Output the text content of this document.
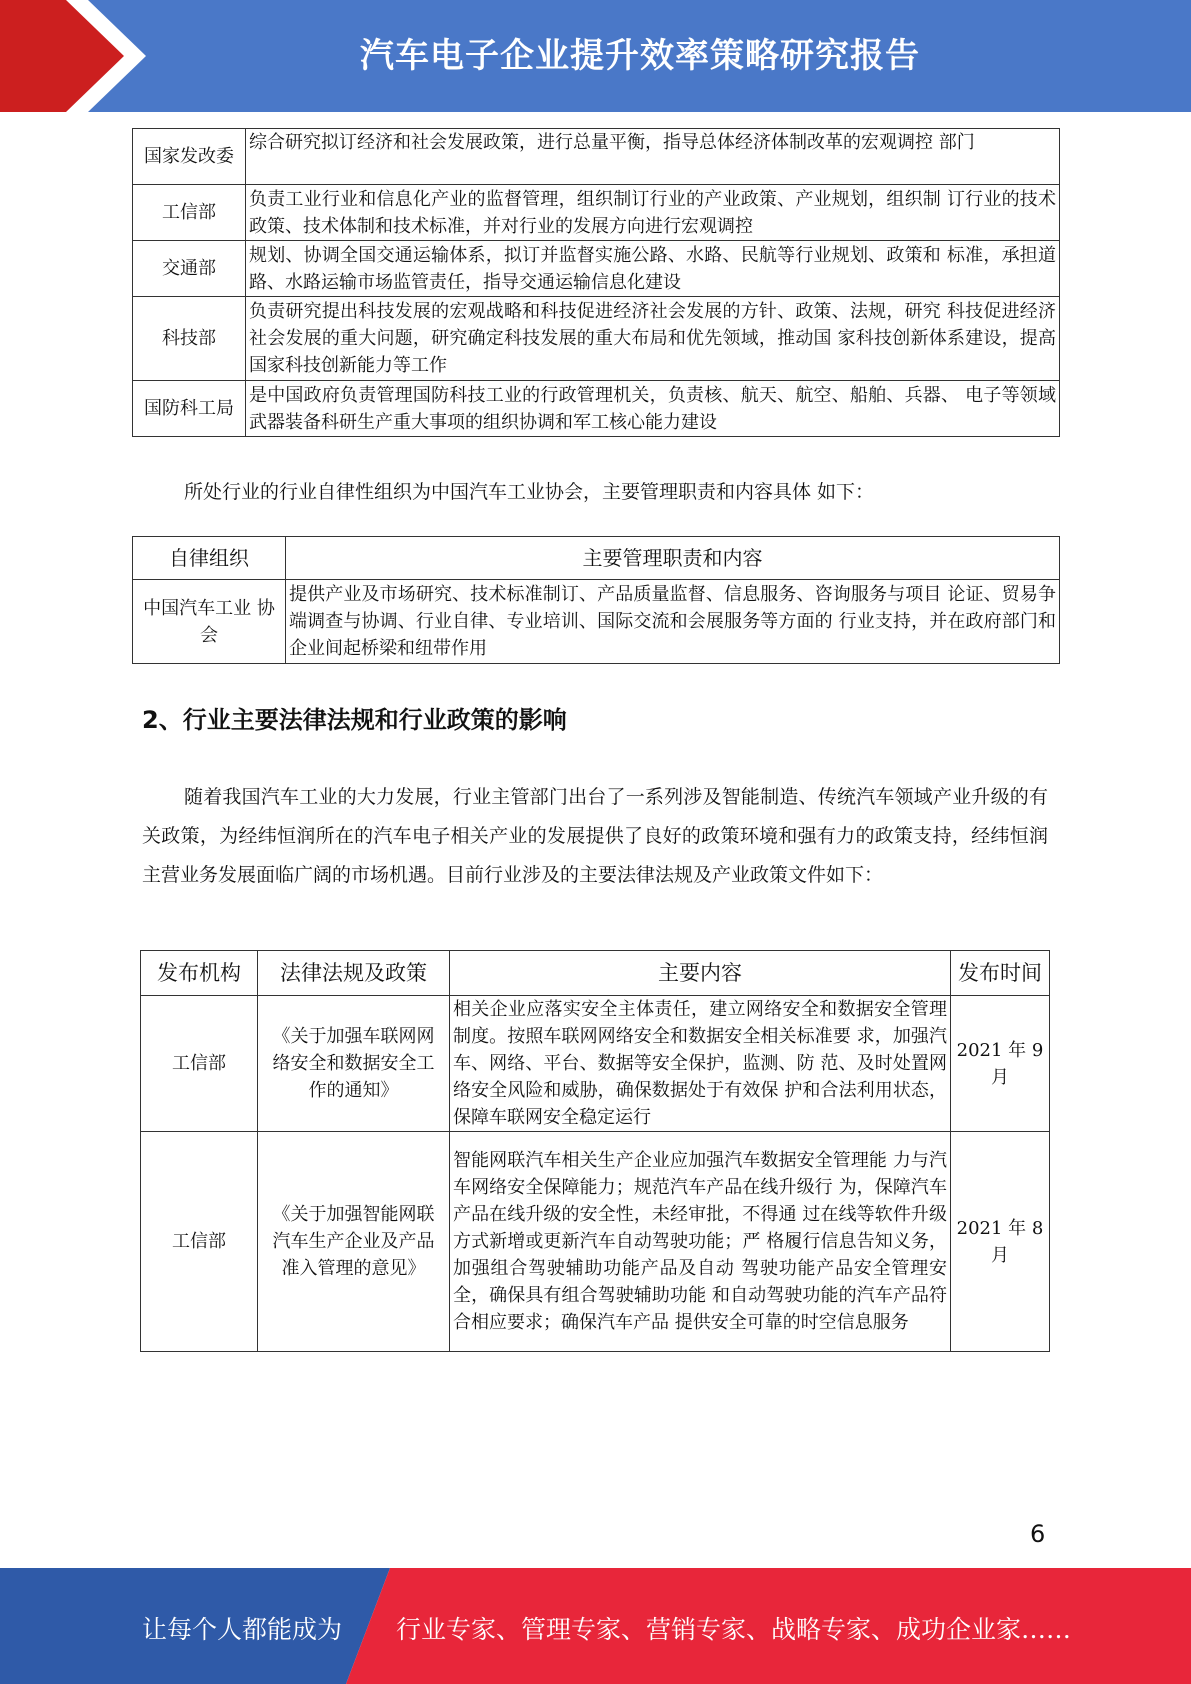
汽车电子企业提升效率策略研究报告
国家发改委	综合研究拟订经济和社会发展政策，进行总量平衡，指导总体经济体制改革的宏观调控 部门
工信部	负责工业行业和信息化产业的监督管理，组织制订行业的产业政策、产业规划，组织制 订行业的技术政策、技术体制和技术标准，并对行业的发展方向进行宏观调控
交通部	规划、协调全国交通运输体系，拟订并监督实施公路、水路、民航等行业规划、政策和 标准，承担道路、水路运输市场监管责任，指导交通运输信息化建设
科技部	负责研究提出科技发展的宏观战略和科技促进经济社会发展的方针、政策、法规，研究 科技促进经济社会发展的重大问题，研究确定科技发展的重大布局和优先领域，推动国 家科技创新体系建设，提高国家科技创新能力等工作
国防科工局	是中国政府负责管理国防科技工业的行政管理机关，负责核、航天、航空、船舶、兵器、 电子等领域武器装备科研生产重大事项的组织协调和军工核心能力建设
所处行业的行业自律性组织为中国汽车工业协会，主要管理职责和内容具体 如下：
自律组织	主要管理职责和内容
中国汽车工业 协会	提供产业及市场研究、技术标准制订、产品质量监督、信息服务、咨询服务与项目 论证、贸易争端调查与协调、行业自律、专业培训、国际交流和会展服务等方面的 行业支持，并在政府部门和企业间起桥梁和纽带作用
2、行业主要法律法规和行业政策的影响
随着我国汽车工业的大力发展，行业主管部门出台了一系列涉及智能制造、传统汽车领域产业升级的有关政策，为经纬恒润所在的汽车电子相关产业的发展提供了良好的政策环境和强有力的政策支持，经纬恒润主营业务发展面临广阔的市场机遇。目前行业涉及的主要法律法规及产业政策文件如下：
发布机构	法律法规及政策	主要内容	发布时间
工信部	《关于加强车联网网络安全和数据安全工作的通知》	相关企业应落实安全主体责任，建立网络安全和数据安全管理制度。按照车联网网络安全和数据安全相关标准要 求，加强汽车、网络、平台、数据等安全保护，监测、防 范、及时处置网络安全风险和威胁，确保数据处于有效保 护和合法利用状态，保障车联网安全稳定运行	2021 年 9 月
工信部	《关于加强智能网联汽车生产企业及产品准入管理的意见》	智能网联汽车相关生产企业应加强汽车数据安全管理能 力与汽车网络安全保障能力；规范汽车产品在线升级行 为，保障汽车产品在线升级的安全性，未经审批，不得通 过在线等软件升级方式新增或更新汽车自动驾驶功能；严 格履行信息告知义务，加强组合驾驶辅助功能产品及自动 驾驶功能产品安全管理安全，确保具有组合驾驶辅助功能 和自动驾驶功能的汽车产品符合相应要求；确保汽车产品 提供安全可靠的时空信息服务	2021 年 8 月
6
让每个人都能成为 行业专家、管理专家、营销专家、战略专家、成功企业家……
